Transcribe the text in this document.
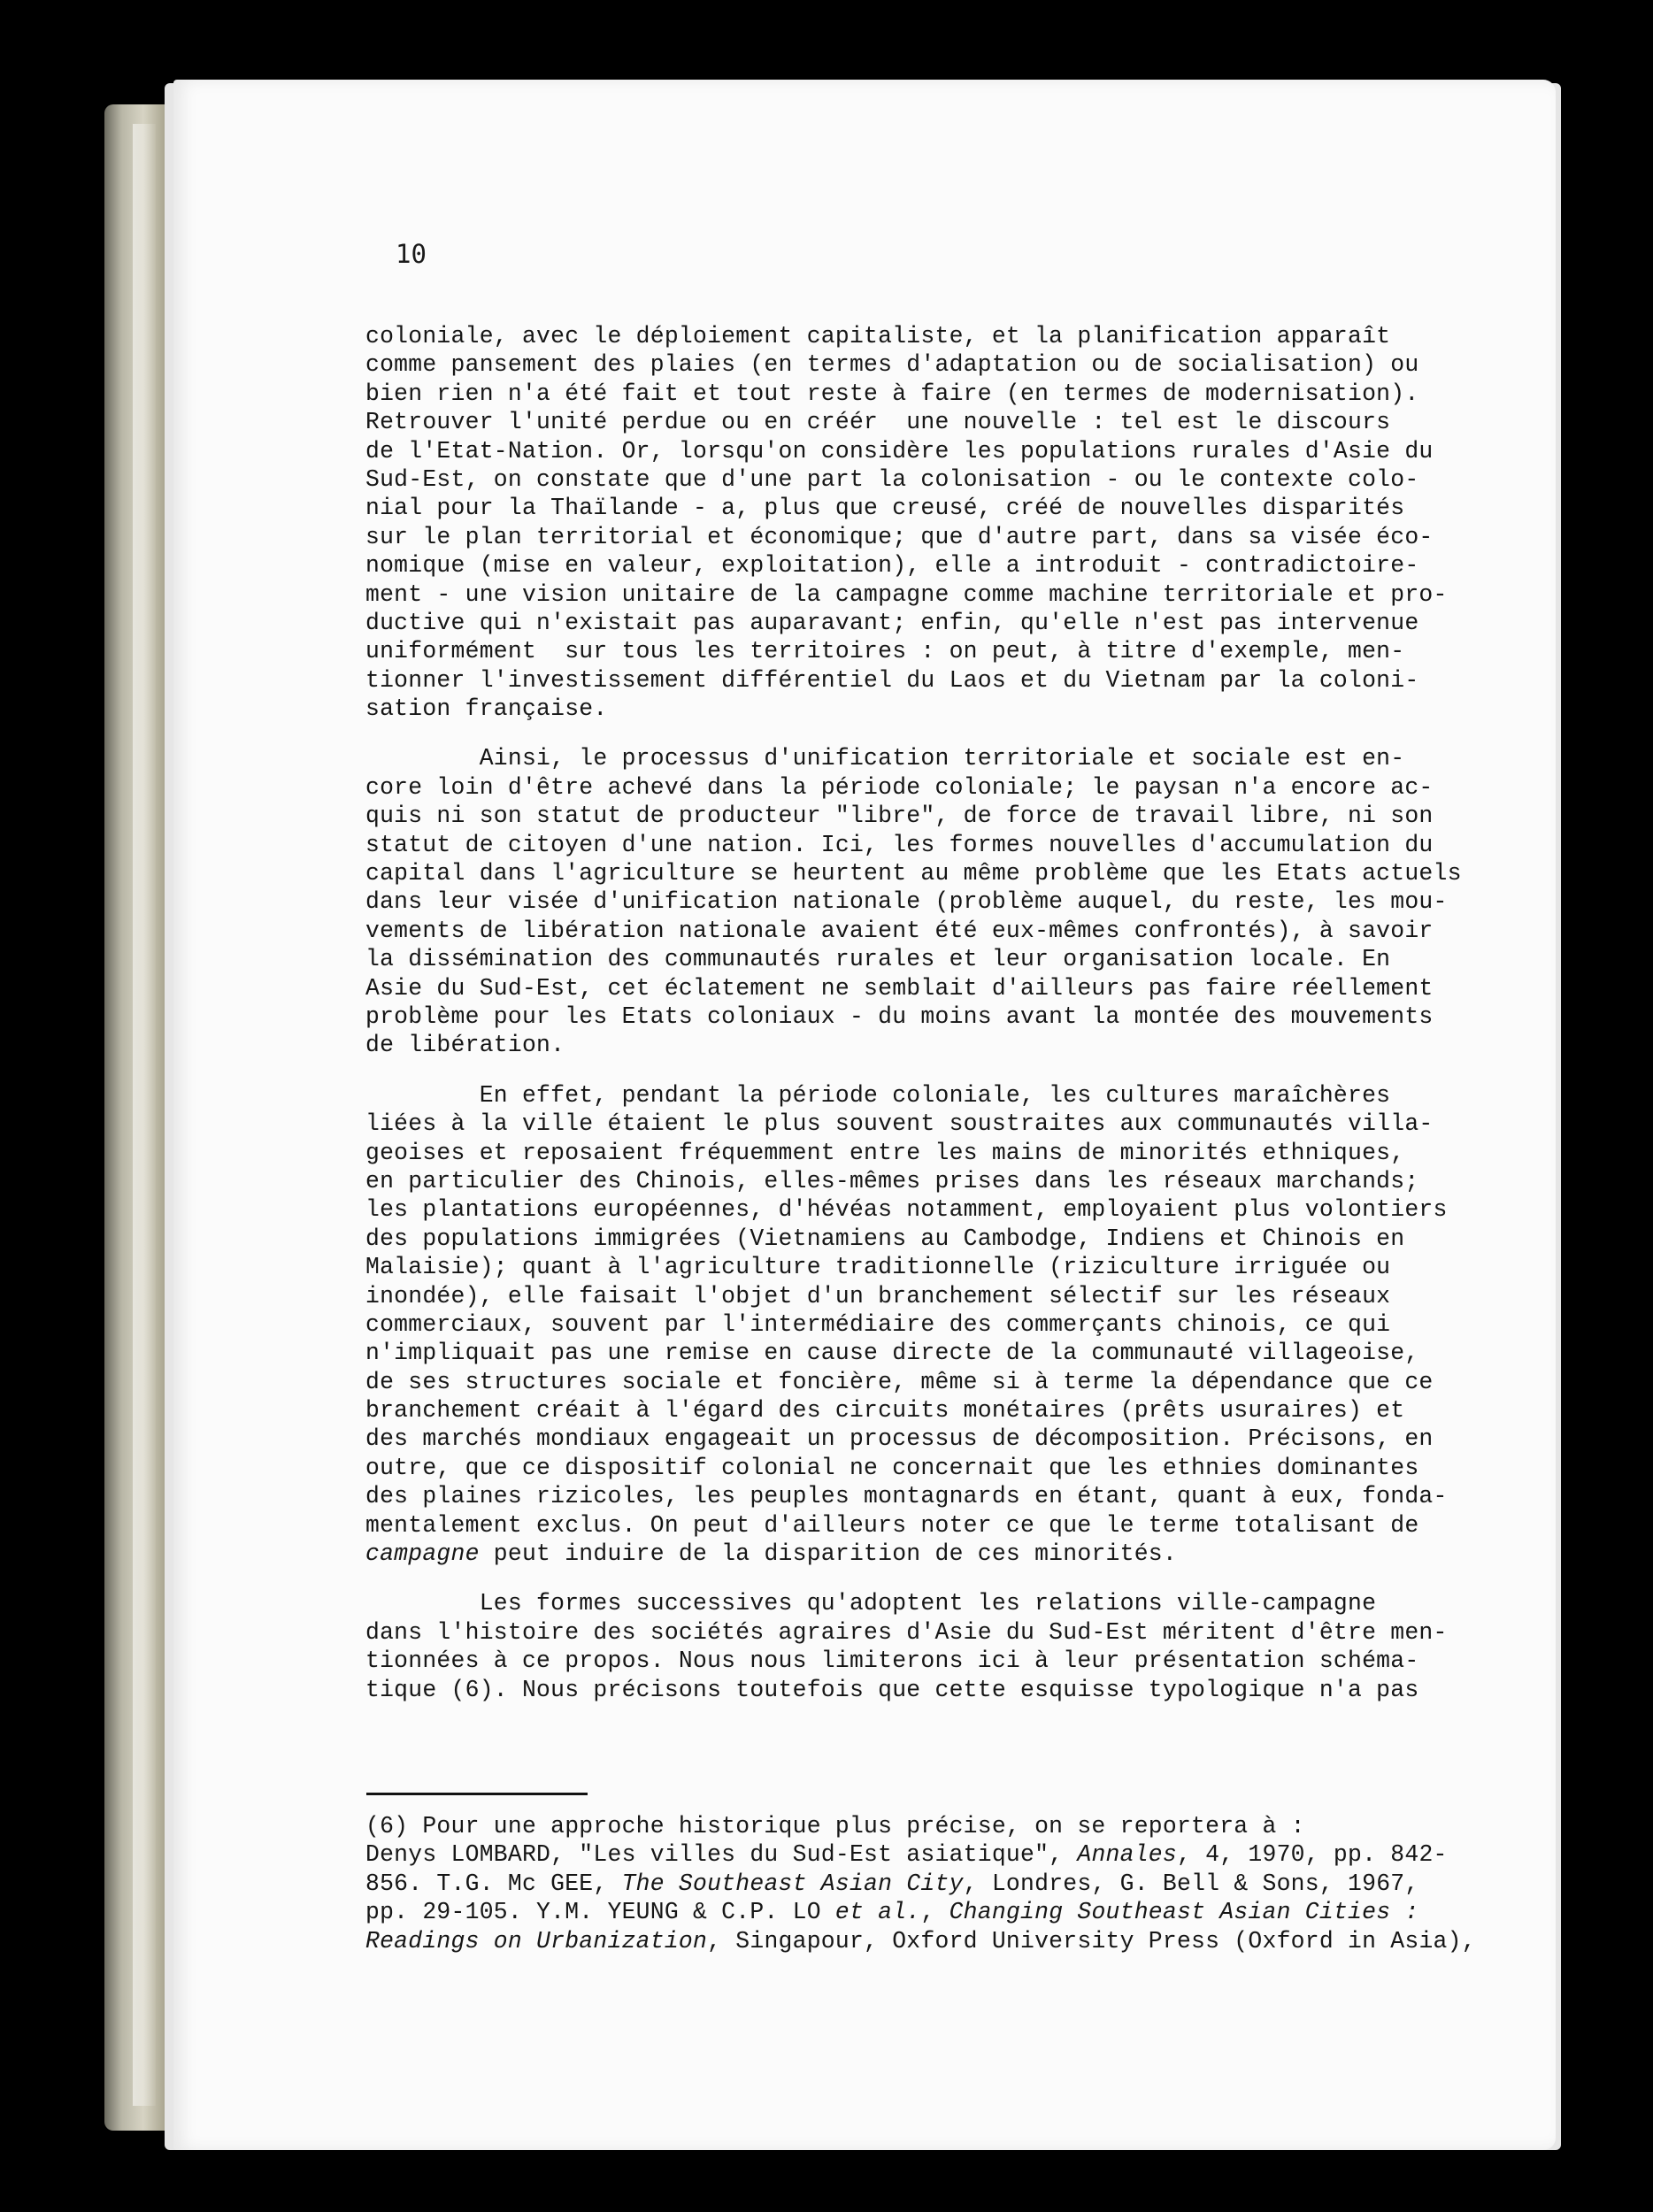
10
coloniale, avec le déploiement capitaliste, et la planification apparaît
comme pansement des plaies (en termes d'adaptation ou de socialisation) ou
bien rien n'a été fait et tout reste à faire (en termes de modernisation).
Retrouver l'unité perdue ou en créér  une nouvelle : tel est le discours
de l'Etat-Nation. Or, lorsqu'on considère les populations rurales d'Asie du
Sud-Est, on constate que d'une part la colonisation - ou le contexte colo-
nial pour la Thaïlande - a, plus que creusé, créé de nouvelles disparités
sur le plan territorial et économique; que d'autre part, dans sa visée éco-
nomique (mise en valeur, exploitation), elle a introduit - contradictoire-
ment - une vision unitaire de la campagne comme machine territoriale et pro-
ductive qui n'existait pas auparavant; enfin, qu'elle n'est pas intervenue
uniformément  sur tous les territoires : on peut, à titre d'exemple, men-
tionner l'investissement différentiel du Laos et du Vietnam par la coloni-
sation française.
Ainsi, le processus d'unification territoriale et sociale est en-
core loin d'être achevé dans la période coloniale; le paysan n'a encore ac-
quis ni son statut de producteur "libre", de force de travail libre, ni son
statut de citoyen d'une nation. Ici, les formes nouvelles d'accumulation du
capital dans l'agriculture se heurtent au même problème que les Etats actuels
dans leur visée d'unification nationale (problème auquel, du reste, les mou-
vements de libération nationale avaient été eux-mêmes confrontés), à savoir
la dissémination des communautés rurales et leur organisation locale. En
Asie du Sud-Est, cet éclatement ne semblait d'ailleurs pas faire réellement
problème pour les Etats coloniaux - du moins avant la montée des mouvements
de libération.
En effet, pendant la période coloniale, les cultures maraîchères
liées à la ville étaient le plus souvent soustraites aux communautés villa-
geoises et reposaient fréquemment entre les mains de minorités ethniques,
en particulier des Chinois, elles-mêmes prises dans les réseaux marchands;
les plantations européennes, d'hévéas notamment, employaient plus volontiers
des populations immigrées (Vietnamiens au Cambodge, Indiens et Chinois en
Malaisie); quant à l'agriculture traditionnelle (riziculture irriguée ou
inondée), elle faisait l'objet d'un branchement sélectif sur les réseaux
commerciaux, souvent par l'intermédiaire des commerçants chinois, ce qui
n'impliquait pas une remise en cause directe de la communauté villageoise,
de ses structures sociale et foncière, même si à terme la dépendance que ce
branchement créait à l'égard des circuits monétaires (prêts usuraires) et
des marchés mondiaux engageait un processus de décomposition. Précisons, en
outre, que ce dispositif colonial ne concernait que les ethnies dominantes
des plaines rizicoles, les peuples montagnards en étant, quant à eux, fonda-
mentalement exclus. On peut d'ailleurs noter ce que le terme totalisant de
campagne peut induire de la disparition de ces minorités.
Les formes successives qu'adoptent les relations ville-campagne
dans l'histoire des sociétés agraires d'Asie du Sud-Est méritent d'être men-
tionnées à ce propos. Nous nous limiterons ici à leur présentation schéma-
tique (6). Nous précisons toutefois que cette esquisse typologique n'a pas
(6) Pour une approche historique plus précise, on se reportera à :
Denys LOMBARD, "Les villes du Sud-Est asiatique", Annales, 4, 1970, pp. 842-
856. T.G. Mc GEE, The Southeast Asian City, Londres, G. Bell & Sons, 1967,
pp. 29-105. Y.M. YEUNG & C.P. LO et al., Changing Southeast Asian Cities :
Readings on Urbanization, Singapour, Oxford University Press (Oxford in Asia),
